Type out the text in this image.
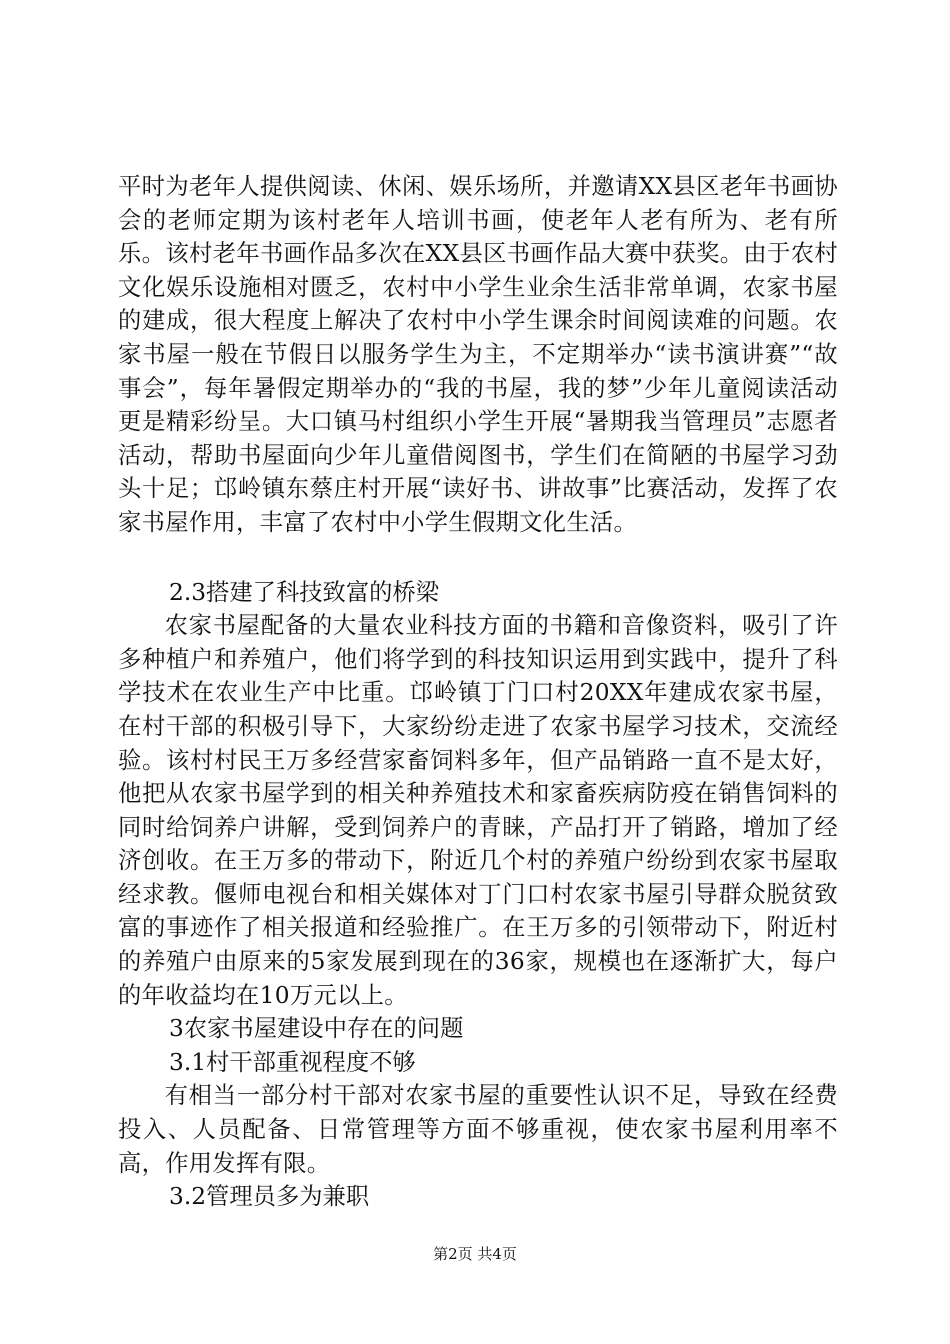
平时为老年人提供阅读、休闲、娱乐场所，并邀请XX县区老年书画协会的老师定期为该村老年人培训书画，使老年人老有所为、老有所乐。该村老年书画作品多次在XX县区书画作品大赛中获奖。由于农村文化娱乐设施相对匮乏，农村中小学生业余生活非常单调，农家书屋的建成，很大程度上解决了农村中小学生课余时间阅读难的问题。农家书屋一般在节假日以服务学生为主，不定期举办“读书演讲赛”“故事会”，每年暑假定期举办的“我的书屋，我的梦”少年儿童阅读活动更是精彩纷呈。大口镇马村组织小学生开展“暑期我当管理员”志愿者活动，帮助书屋面向少年儿童借阅图书，学生们在简陋的书屋学习劲头十足；邙岭镇东蔡庄村开展“读好书、讲故事”比赛活动，发挥了农家书屋作用，丰富了农村中小学生假期文化生活。

2.3搭建了科技致富的桥梁

农家书屋配备的大量农业科技方面的书籍和音像资料，吸引了许多种植户和养殖户，他们将学到的科技知识运用到实践中，提升了科学技术在农业生产中比重。邙岭镇丁门口村20XX年建成农家书屋，在村干部的积极引导下，大家纷纷走进了农家书屋学习技术，交流经验。该村村民王万多经营家畜饲料多年，但产品销路一直不是太好，他把从农家书屋学到的相关种养殖技术和家畜疾病防疫在销售饲料的同时给饲养户讲解，受到饲养户的青睐，产品打开了销路，增加了经济创收。在王万多的带动下，附近几个村的养殖户纷纷到农家书屋取经求教。偃师电视台和相关媒体对丁门口村农家书屋引导群众脱贫致富的事迹作了相关报道和经验推广。在王万多的引领带动下，附近村的养殖户由原来的5家发展到现在的36家，规模也在逐渐扩大，每户的年收益均在10万元以上。

3农家书屋建设中存在的问题

3.1村干部重视程度不够

有相当一部分村干部对农家书屋的重要性认识不足，导致在经费投入、人员配备、日常管理等方面不够重视，使农家书屋利用率不高，作用发挥有限。

3.2管理员多为兼职

第2页 共4页
